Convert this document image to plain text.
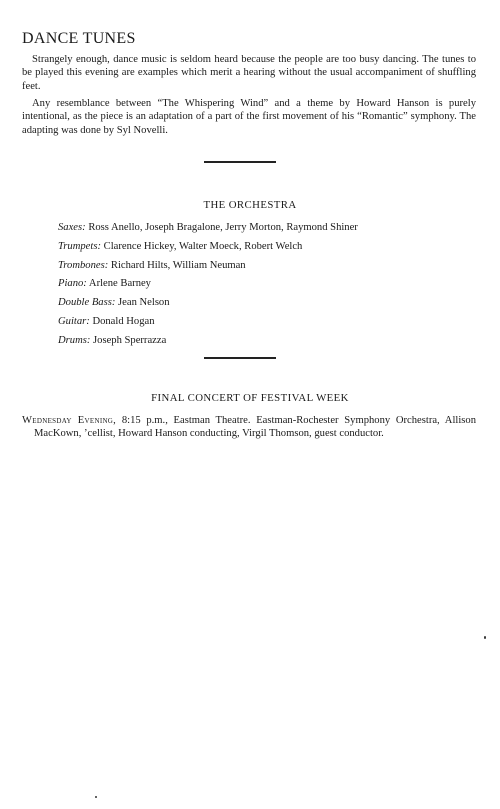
DANCE TUNES

Strangely enough, dance music is seldom heard because the people are too busy dancing. The tunes to be played this evening are examples which merit a hearing without the usual accompaniment of shuffling feet.

Any resemblance between “The Whispering Wind” and a theme by Howard Hanson is purely intentional, as the piece is an adaptation of a part of the first movement of his “Romantic” symphony. The adapting was done by Syl Novelli.

THE ORCHESTRA
Saxes: Ross Anello, Joseph Bragalone, Jerry Morton, Raymond Shiner
Trumpets: Clarence Hickey, Walter Moeck, Robert Welch
Trombones: Richard Hilts, William Neuman
Piano: Arlene Barney
Double Bass: Jean Nelson
Guitar: Donald Hogan
Drums: Joseph Sperrazza
FINAL CONCERT OF FESTIVAL WEEK

Wednesday Evening, 8:15 p.m., Eastman Theatre. Eastman-Rochester Symphony Orchestra, Allison MacKown, ’cellist, Howard Hanson conducting, Virgil Thomson, guest conductor.
